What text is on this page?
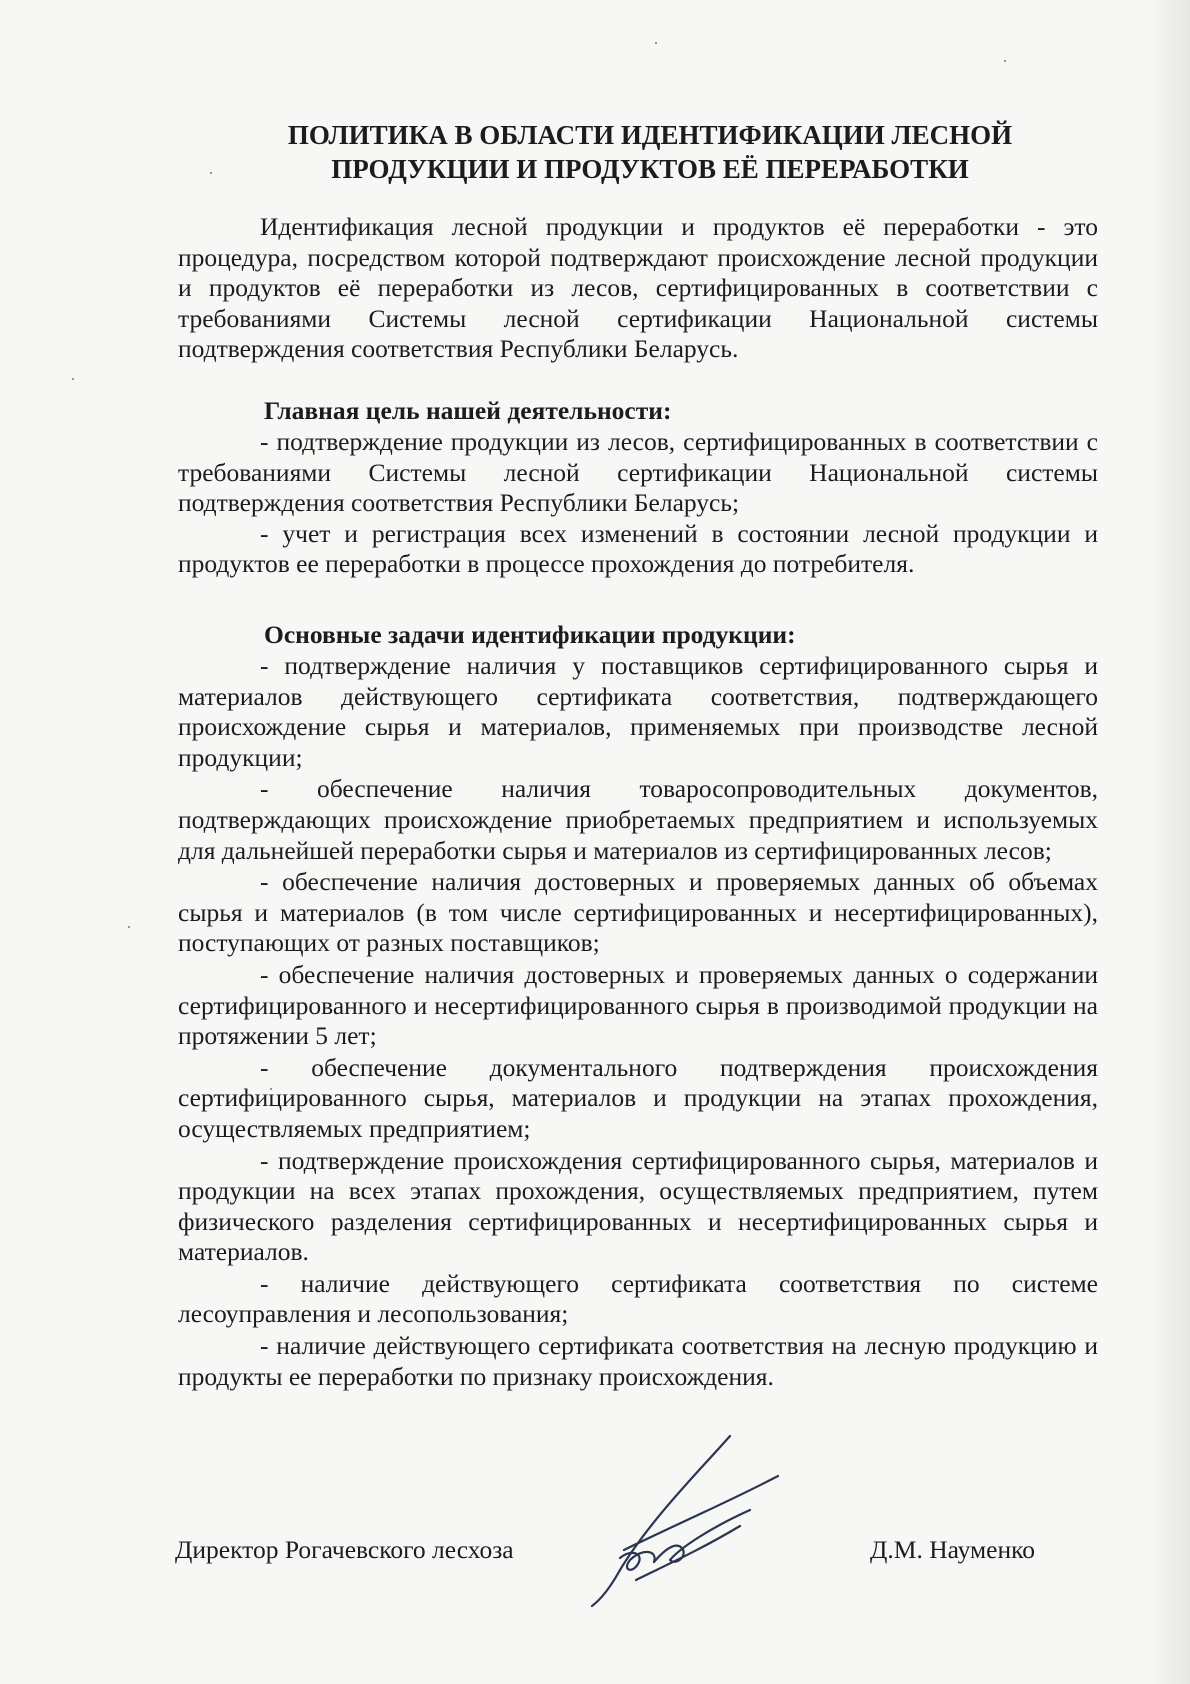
ПОЛИТИКА В ОБЛАСТИ ИДЕНТИФИКАЦИИ ЛЕСНОЙ
ПРОДУКЦИИ И ПРОДУКТОВ ЕЁ ПЕРЕРАБОТКИ

Идентификация лесной продукции и продуктов её переработки - это процедура, посредством которой подтверждают происхождение лесной продукции и продуктов её переработки из лесов, сертифицированных в соответствии с требованиями Системы лесной сертификации Национальной системы подтверждения соответствия Республики Беларусь.

Главная цель нашей деятельности:

- подтверждение продукции из лесов, сертифицированных в соответствии с требованиями Системы лесной сертификации Национальной системы подтверждения соответствия Республики Беларусь;

- учет и регистрация всех изменений в состоянии лесной продукции и продуктов ее переработки в процессе прохождения до потребителя.

Основные задачи идентификации продукции:

- подтверждение наличия у поставщиков сертифицированного сырья и материалов действующего сертификата соответствия, подтверждающего происхождение сырья и материалов, применяемых при производстве лесной продукции;

- обеспечение наличия товаросопроводительных документов, подтверждающих происхождение приобретаемых предприятием и используемых для дальнейшей переработки сырья и материалов из сертифицированных лесов;

- обеспечение наличия достоверных и проверяемых данных об объемах сырья и материалов (в том числе сертифицированных и несертифицированных), поступающих от разных поставщиков;

- обеспечение наличия достоверных и проверяемых данных о содержании сертифицированного и несертифицированного сырья в производимой продукции на протяжении 5 лет;

- обеспечение документального подтверждения происхождения сертифицированного сырья, материалов и продукции на этапах прохождения, осуществляемых предприятием;

- подтверждение происхождения сертифицированного сырья, материалов и продукции на всех этапах прохождения, осуществляемых предприятием, путем физического разделения сертифицированных и несертифицированных сырья и материалов.

- наличие действующего сертификата соответствия по системе лесоуправления и лесопользования;

- наличие действующего сертификата соответствия на лесную продукцию и продукты ее переработки по признаку происхождения.

Директор Рогачевского лесхоза	Д.М. Науменко
